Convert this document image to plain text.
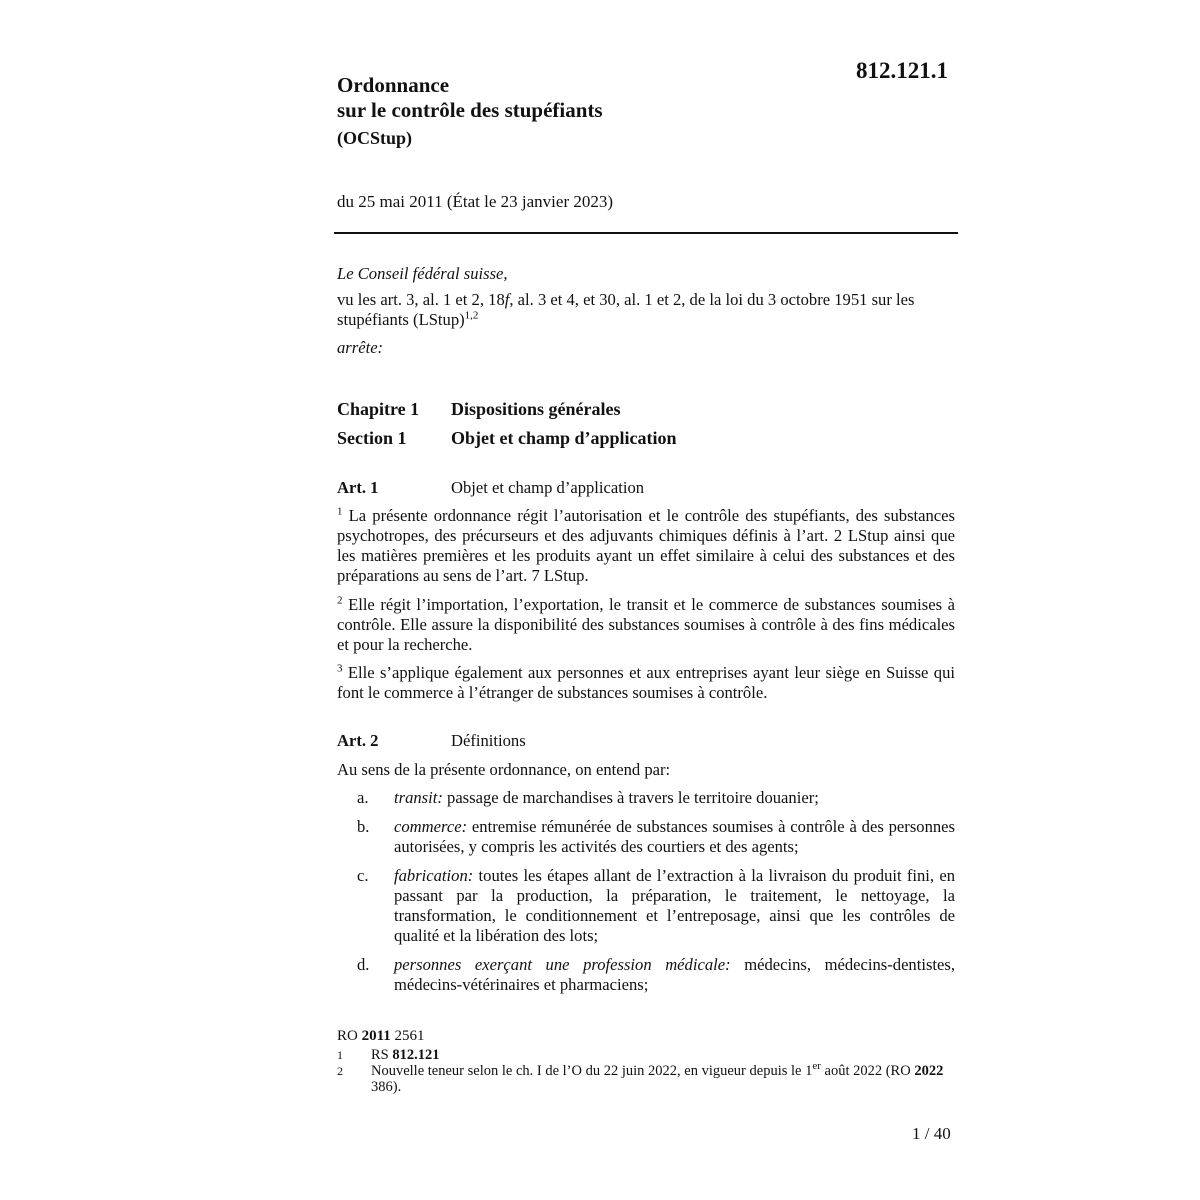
812.121.1
Ordonnance
sur le contrôle des stupéfiants
(OCStup)
du 25 mai 2011 (État le 23 janvier 2023)
Le Conseil fédéral suisse,
vu les art. 3, al. 1 et 2, 18f, al. 3 et 4, et 30, al. 1 et 2, de la loi du 3 octobre 1951 sur les stupéfiants (LStup)$^{1,2}$
arrête:
Chapitre 1 Dispositions générales
Section 1 Objet et champ d’application
Art. 1	Objet et champ d’application
$^1$ La présente ordonnance régit l’autorisation et le contrôle des stupéfiants, des substances psychotropes, des précurseurs et des adjuvants chimiques définis à l’art. 2 LStup ainsi que les matières premières et les produits ayant un effet similaire à celui des substances et des préparations au sens de l’art. 7 LStup.
$^2$ Elle régit l’importation, l’exportation, le transit et le commerce de substances soumises à contrôle. Elle assure la disponibilité des substances soumises à contrôle à des fins médicales et pour la recherche.
$^3$ Elle s’applique également aux personnes et aux entreprises ayant leur siège en Suisse qui font le commerce à l’étranger de substances soumises à contrôle.
Art. 2	Définitions
Au sens de la présente ordonnance, on entend par:
a.	transit: passage de marchandises à travers le territoire douanier;
b.	commerce: entremise rémunérée de substances soumises à contrôle à des personnes autorisées, y compris les activités des courtiers et des agents;
c.	fabrication: toutes les étapes allant de l’extraction à la livraison du produit fini, en passant par la production, la préparation, le traitement, le nettoyage, la transformation, le conditionnement et l’entreposage, ainsi que les contrôles de qualité et la libération des lots;
d.	personnes exerçant une profession médicale: médecins, médecins-dentistes, médecins-vétérinaires et pharmaciens;
RO 2011 2561
1	RS 812.121
2	Nouvelle teneur selon le ch. I de l’O du 22 juin 2022, en vigueur depuis le 1er août 2022 (RO 2022 386).
1 / 40
